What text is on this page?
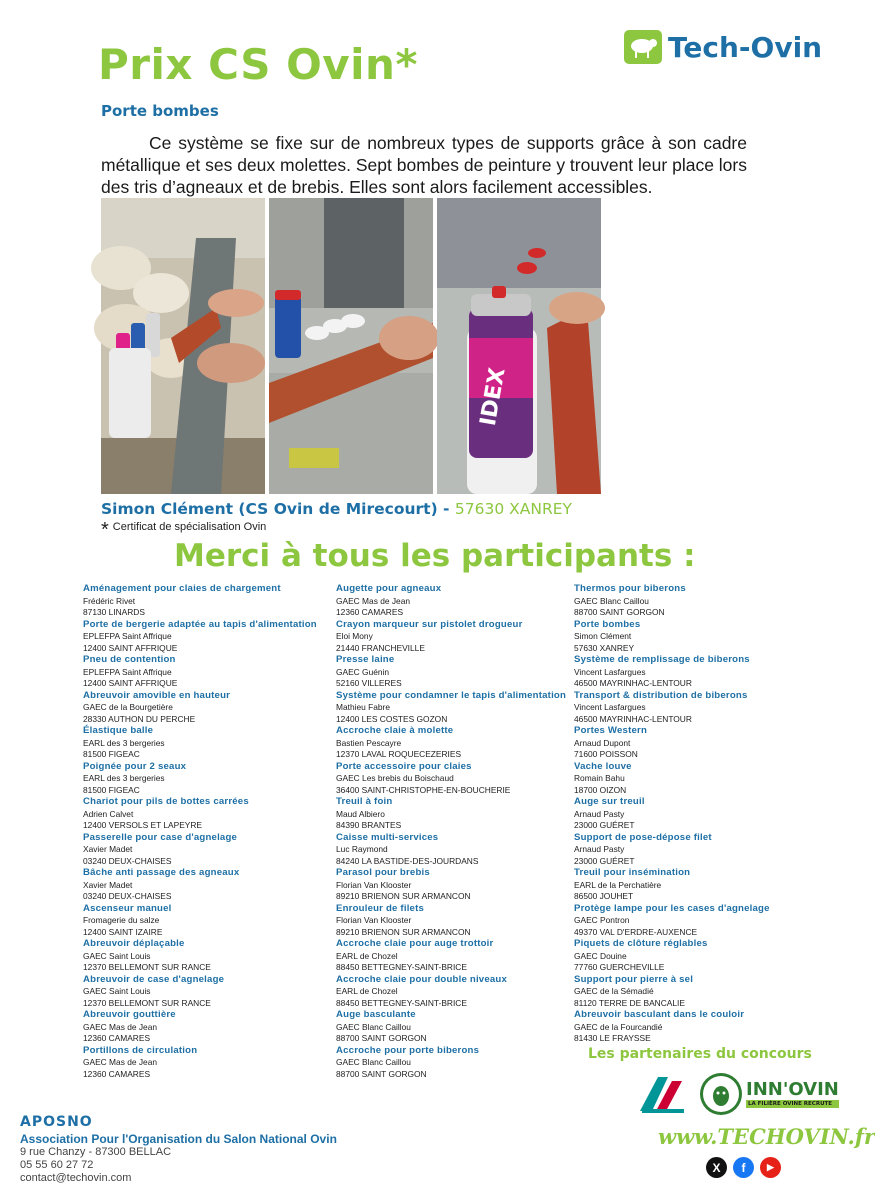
Prix CS Ovin*	Tech-Ovin
Porte bombes

Ce système se fixe sur de nombreux types de supports grâce à son cadre métallique et ses deux molettes. Sept bombes de peinture y trouvent leur place lors des tris d’agneaux et de brebis. Elles sont alors facilement accessibles.

IDEX
Simon Clément (CS Ovin de Mirecourt) - 57630 XANREY
* Certificat de spécialisation Ovin
Merci à tous les participants :
Aménagement pour claies de chargement
Frédéric Rivet
87130 LINARDS
Porte de bergerie adaptée au tapis d'alimentation
EPLEFPA Saint Affrique
12400 SAINT AFFRIQUE
Pneu de contention
EPLEFPA Saint Affrique
12400 SAINT AFFRIQUE
Abreuvoir amovible en hauteur
GAEC de la Bourgetière
28330 AUTHON DU PERCHE
Élastique balle
EARL des 3 bergeries
81500 FIGEAC
Poignée pour 2 seaux
EARL des 3 bergeries
81500 FIGEAC
Chariot pour pils de bottes carrées
Adrien Calvet
12400 VERSOLS ET LAPEYRE
Passerelle pour case d'agnelage
Xavier Madet
03240 DEUX-CHAISES
Bâche anti passage des agneaux
Xavier Madet
03240 DEUX-CHAISES
Ascenseur manuel
Fromagerie du salze
12400 SAINT IZAIRE
Abreuvoir déplaçable
GAEC Saint Louis
12370 BELLEMONT SUR RANCE
Abreuvoir de case d'agnelage
GAEC Saint Louis
12370 BELLEMONT SUR RANCE
Abreuvoir gouttière
GAEC Mas de Jean
12360 CAMARES
Portillons de circulation
GAEC Mas de Jean
12360 CAMARES
Augette pour agneaux
GAEC Mas de Jean
12360 CAMARES
Crayon marqueur sur pistolet drogueur
Eloi Mony
21440 FRANCHEVILLE
Presse laine
GAEC Guénin
52160 VILLERES
Système pour condamner le tapis d'alimentation
Mathieu Fabre
12400 LES COSTES GOZON
Accroche claie à molette
Bastien Pescayre
12370 LAVAL ROQUECEZERIES
Porte accessoire pour claies
GAEC Les brebis du Boischaud
36400 SAINT-CHRISTOPHE-EN-BOUCHERIE
Treuil à foin
Maud Albiero
84390 BRANTES
Caisse multi-services
Luc Raymond
84240 LA BASTIDE-DES-JOURDANS
Parasol pour brebis
Florian Van Klooster
89210 BRIENON SUR ARMANCON
Enrouleur de filets
Florian Van Klooster
89210 BRIENON SUR ARMANCON
Accroche claie pour auge trottoir
EARL de Chozel
88450 BETTEGNEY-SAINT-BRICE
Accroche claie pour double niveaux
EARL de Chozel
88450 BETTEGNEY-SAINT-BRICE
Auge basculante
GAEC Blanc Caillou
88700 SAINT GORGON
Accroche pour porte biberons
GAEC Blanc Caillou
88700 SAINT GORGON
Thermos pour biberons
GAEC Blanc Caillou
88700 SAINT GORGON
Porte bombes
Simon Clément
57630 XANREY
Système de remplissage de biberons
Vincent Lasfargues
46500 MAYRINHAC-LENTOUR
Transport & distribution de biberons
Vincent Lasfargues
46500 MAYRINHAC-LENTOUR
Portes Western
Arnaud Dupont
71600 POISSON
Vache louve
Romain Bahu
18700 OIZON
Auge sur treuil
Arnaud Pasty
23000 GUÉRET
Support de pose-dépose filet
Arnaud Pasty
23000 GUÉRET
Treuil pour insémination
EARL de la Perchatière
86500 JOUHET
Protège lampe pour les cases d'agnelage
GAEC Pontron
49370 VAL D'ERDRE-AUXENCE
Piquets de clôture réglables
GAEC Douine
77760 GUERCHEVILLE
Support pour pierre à sel
GAEC de la Sémadié
81120 TERRE DE BANCALIE
Abreuvoir basculant dans le couloir
GAEC de la Fourcandié
81430 LE FRAYSSE
Les partenaires du concours
INN'OVIN
LA FILIÈRE OVINE RECRUTE
www.TECHOVIN.fr
X	f	▶
APOSNO
Association Pour l'Organisation du Salon National Ovin
9 rue Chanzy - 87300 BELLAC
05 55 60 27 72
contact@techovin.com
